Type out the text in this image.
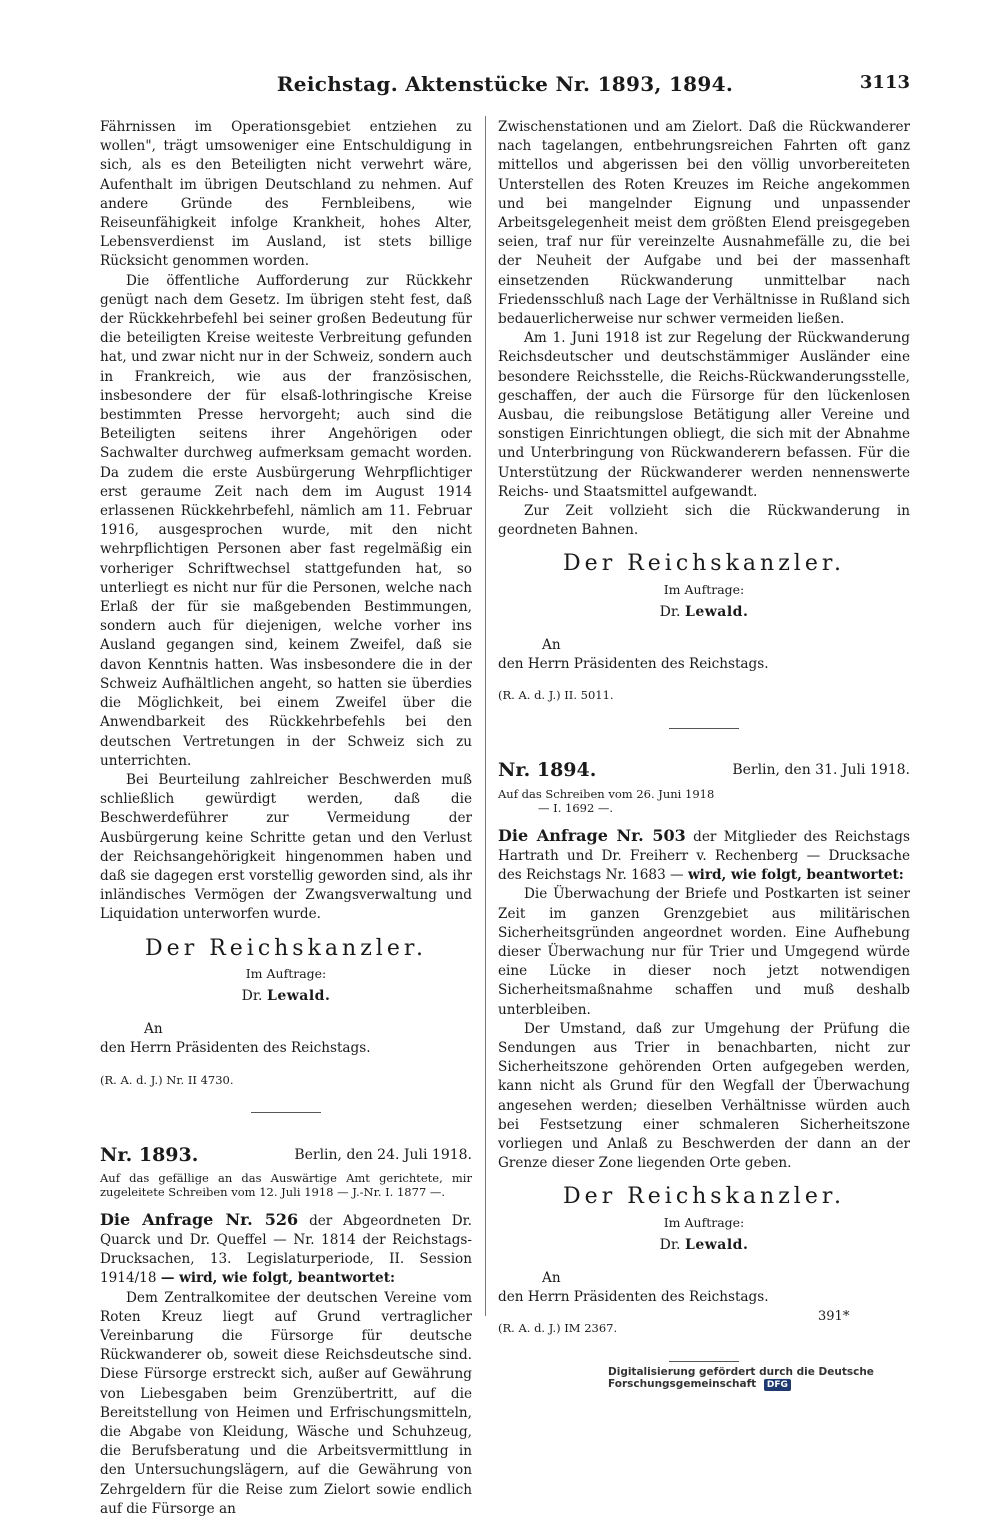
Reichstag. Aktenstücke Nr. 1893, 1894.	3113

Fährnissen im Operationsgebiet entziehen zu wollen", trägt umsoweniger eine Entschuldigung in sich, als es den Beteiligten nicht verwehrt wäre, Aufenthalt im übrigen Deutschland zu nehmen. Auf andere Gründe des Fernbleibens, wie Reiseunfähigkeit infolge Krankheit, hohes Alter, Lebensverdienst im Ausland, ist stets billige Rücksicht genommen worden.

Die öffentliche Aufforderung zur Rückkehr genügt nach dem Gesetz. Im übrigen steht fest, daß der Rückkehrbefehl bei seiner großen Bedeutung für die beteiligten Kreise weiteste Verbreitung gefunden hat, und zwar nicht nur in der Schweiz, sondern auch in Frankreich, wie aus der französischen, insbesondere der für elsaß-lothringische Kreise bestimmten Presse hervorgeht; auch sind die Beteiligten seitens ihrer Angehörigen oder Sachwalter durchweg aufmerksam gemacht worden. Da zudem die erste Ausbürgerung Wehrpflichtiger erst geraume Zeit nach dem im August 1914 erlassenen Rückkehrbefehl, nämlich am 11. Februar 1916, ausgesprochen wurde, mit den nicht wehrpflichtigen Personen aber fast regelmäßig ein vorheriger Schriftwechsel stattgefunden hat, so unterliegt es nicht nur für die Personen, welche nach Erlaß der für sie maßgebenden Bestimmungen, sondern auch für diejenigen, welche vorher ins Ausland gegangen sind, keinem Zweifel, daß sie davon Kenntnis hatten. Was insbesondere die in der Schweiz Aufhältlichen angeht, so hatten sie überdies die Möglichkeit, bei einem Zweifel über die Anwendbarkeit des Rückkehrbefehls bei den deutschen Vertretungen in der Schweiz sich zu unterrichten.

Bei Beurteilung zahlreicher Beschwerden muß schließlich gewürdigt werden, daß die Beschwerdeführer zur Vermeidung der Ausbürgerung keine Schritte getan und den Verlust der Reichsangehörigkeit hingenommen haben und daß sie dagegen erst vorstellig geworden sind, als ihr inländisches Vermögen der Zwangsverwaltung und Liquidation unterworfen wurde.

Der Reichskanzler.
Im Auftrage:
Dr. Lewald.
An
den Herrn Präsidenten des Reichstags.
(R. A. d. J.) Nr. II 4730.
Nr. 1893.	Berlin, den 24. Juli 1918.
Auf das gefällige an das Auswärtige Amt gerichtete, mir zugeleitete Schreiben vom 12. Juli 1918 — J.-Nr. I. 1877 —.

Die Anfrage Nr. 526 der Abgeordneten Dr. Quarck und Dr. Queffel — Nr. 1814 der Reichstags-Drucksachen, 13. Legislaturperiode, II. Session 1914/18 — wird, wie folgt, beantwortet:

Dem Zentralkomitee der deutschen Vereine vom Roten Kreuz liegt auf Grund vertraglicher Vereinbarung die Fürsorge für deutsche Rückwanderer ob, soweit diese Reichsdeutsche sind. Diese Fürsorge erstreckt sich, außer auf Gewährung von Liebesgaben beim Grenzübertritt, auf die Bereitstellung von Heimen und Erfrischungsmitteln, die Abgabe von Kleidung, Wäsche und Schuhzeug, die Berufsberatung und die Arbeitsvermittlung in den Untersuchungslägern, auf die Gewährung von Zehrgeldern für die Reise zum Zielort sowie endlich auf die Fürsorge an

Zwischenstationen und am Zielort. Daß die Rückwanderer nach tagelangen, entbehrungsreichen Fahrten oft ganz mittellos und abgerissen bei den völlig unvorbereiteten Unterstellen des Roten Kreuzes im Reiche angekommen und bei mangelnder Eignung und unpassender Arbeitsgelegenheit meist dem größten Elend preisgegeben seien, traf nur für vereinzelte Ausnahmefälle zu, die bei der Neuheit der Aufgabe und bei der massenhaft einsetzenden Rückwanderung unmittelbar nach Friedensschluß nach Lage der Verhältnisse in Rußland sich bedauerlicherweise nur schwer vermeiden ließen.

Am 1. Juni 1918 ist zur Regelung der Rückwanderung Reichsdeutscher und deutschstämmiger Ausländer eine besondere Reichsstelle, die Reichs-Rückwanderungsstelle, geschaffen, der auch die Fürsorge für den lückenlosen Ausbau, die reibungslose Betätigung aller Vereine und sonstigen Einrichtungen obliegt, die sich mit der Abnahme und Unterbringung von Rückwanderern befassen. Für die Unterstützung der Rückwanderer werden nennenswerte Reichs- und Staatsmittel aufgewandt.

Zur Zeit vollzieht sich die Rückwanderung in geordneten Bahnen.

Der Reichskanzler.
Im Auftrage:
Dr. Lewald.
An
den Herrn Präsidenten des Reichstags.
(R. A. d. J.) II. 5011.
Nr. 1894.	Berlin, den 31. Juli 1918.
Auf das Schreiben vom 26. Juni 1918
— I. 1692 —.

Die Anfrage Nr. 503 der Mitglieder des Reichstags Hartrath und Dr. Freiherr v. Rechenberg — Drucksache des Reichstags Nr. 1683 — wird, wie folgt, beantwortet:

Die Überwachung der Briefe und Postkarten ist seiner Zeit im ganzen Grenzgebiet aus militärischen Sicherheitsgründen angeordnet worden. Eine Aufhebung dieser Überwachung nur für Trier und Umgegend würde eine Lücke in dieser noch jetzt notwendigen Sicherheitsmaßnahme schaffen und muß deshalb unterbleiben.

Der Umstand, daß zur Umgehung der Prüfung die Sendungen aus Trier in benachbarten, nicht zur Sicherheitszone gehörenden Orten aufgegeben werden, kann nicht als Grund für den Wegfall der Überwachung angesehen werden; dieselben Verhältnisse würden auch bei Festsetzung einer schmaleren Sicherheitszone vorliegen und Anlaß zu Beschwerden der dann an der Grenze dieser Zone liegenden Orte geben.

Der Reichskanzler.
Im Auftrage:
Dr. Lewald.
An
den Herrn Präsidenten des Reichstags.
(R. A. d. J.) IM 2367.
391*
Digitalisierung gefördert durch die Deutsche Forschungsgemeinschaft DFG
